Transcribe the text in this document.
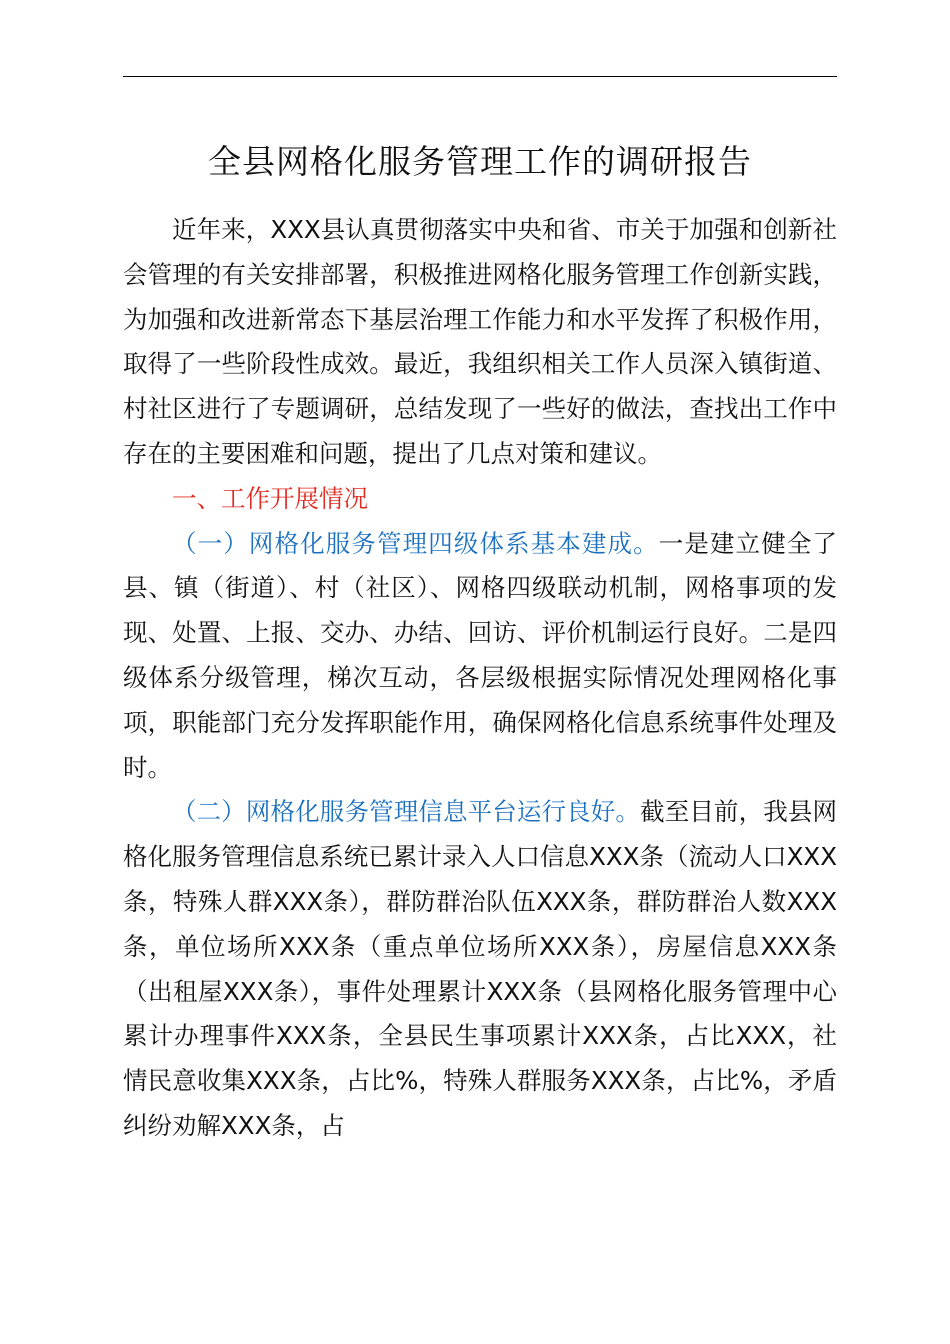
全县网格化服务管理工作的调研报告

近年来，XXX县认真贯彻落实中央和省、市关于加强和创新社会管理的有关安排部署，积极推进网格化服务管理工作创新实践，为加强和改进新常态下基层治理工作能力和水平发挥了积极作用，取得了一些阶段性成效。最近，我组织相关工作人员深入镇街道、村社区进行了专题调研，总结发现了一些好的做法，查找出工作中存在的主要困难和问题，提出了几点对策和建议。

一、工作开展情况

（一）网格化服务管理四级体系基本建成。一是建立健全了县、镇（街道）、村（社区）、网格四级联动机制，网格事项的发现、处置、上报、交办、办结、回访、评价机制运行良好。二是四级体系分级管理，梯次互动，各层级根据实际情况处理网格化事项，职能部门充分发挥职能作用，确保网格化信息系统事件处理及时。

（二）网格化服务管理信息平台运行良好。截至目前，我县网格化服务管理信息系统已累计录入人口信息XXX条（流动人口XXX条，特殊人群XXX条），群防群治队伍XXX条，群防群治人数XXX条，单位场所XXX条（重点单位场所XXX条），房屋信息XXX条（出租屋XXX条），事件处理累计XXX条（县网格化服务管理中心累计办理事件XXX条，全县民生事项累计XXX条，占比XXX，社情民意收集XXX条，占比%，特殊人群服务XXX条，占比%，矛盾纠纷劝解XXX条，占
